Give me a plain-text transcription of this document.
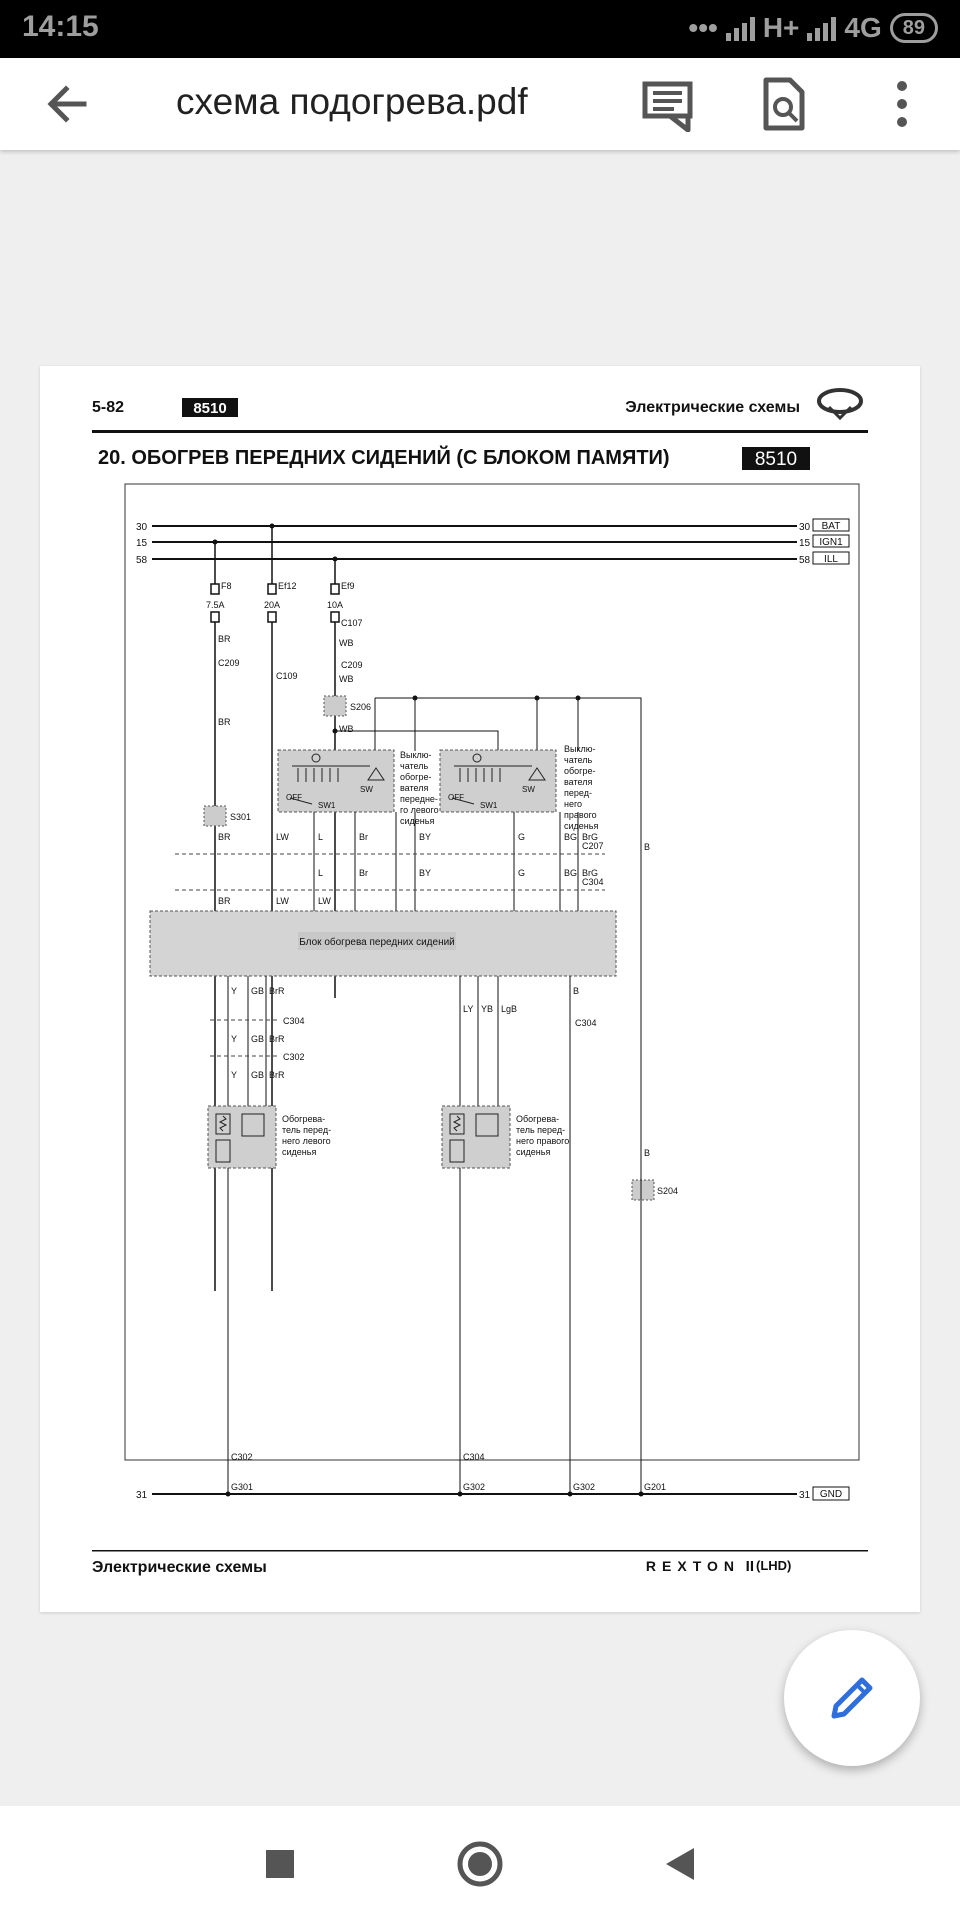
14:15	••• H+ 4G	89
схема подогрева.pdf
5-82	8510	Электрические схемы
20. ОБОГРЕВ ПЕРЕДНИХ СИДЕНИЙ (С БЛОКОМ ПАМЯТИ)	8510
30
15
58
30
15
58
BAT
IGN1
ILL
F8
7.5A
Ef12
20A
Ef9
10A
BR
BR
BR	LW
WB
WB
WB
C209
C109
C107
C209
S206
S301
S204
OFF
SW1
SW
OFF
SW1
SW
Выклю-
чатель
обогре-
вателя
передне-
го левого
сиденья
Выклю-
чатель
обогре-
вателя
перед-
него
правого
сиденья
C207
C304
L	Br	BY	G	BG BrG
L	Br	BY	G	BG BrG
B
B
Блок обогрева передних сидений
BR	LW	LW
C304
C302
C304
Y GB BrR
Y GB BrR
Y GB BrR
LY YB LgB
B
Обогрева-
тель перед-
него левого
сиденья
Обогрева-
тель перед-
него правого
сиденья
31	31 GND
G301	G302	G302	G201
C302	C304
Электрические схемы	REXTON II (LHD)
